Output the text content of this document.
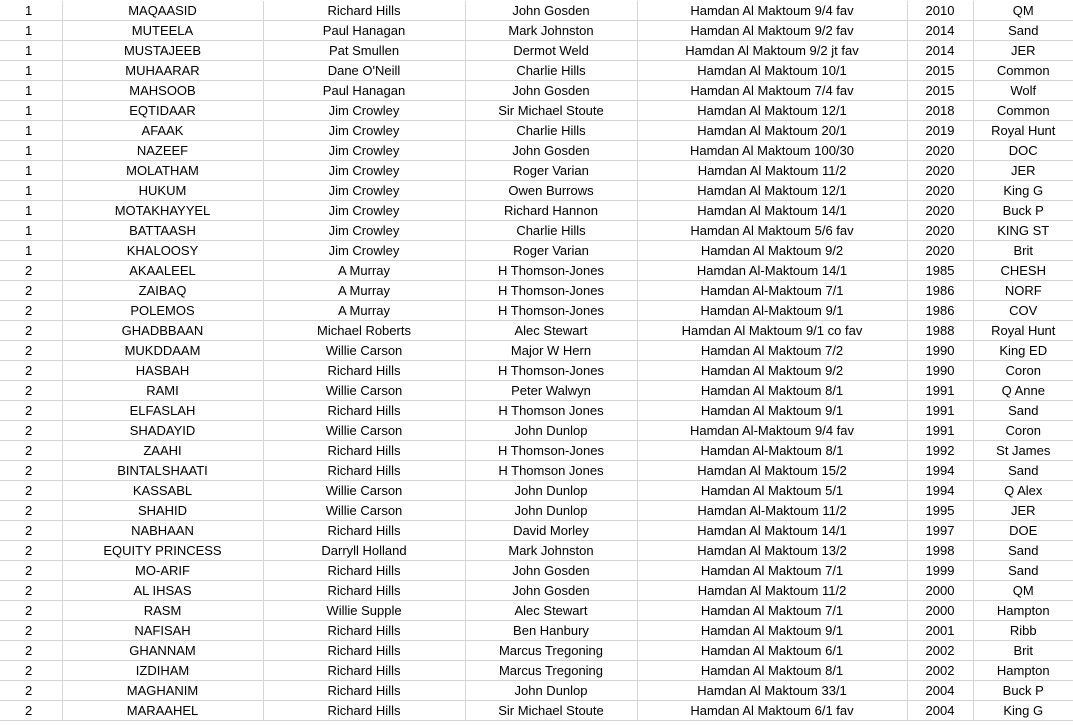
1	MAQAASID	Richard Hills	John Gosden	Hamdan Al Maktoum 9/4 fav	2010	QM
1	MUTEELA	Paul Hanagan	Mark Johnston	Hamdan Al Maktoum 9/2 fav	2014	Sand
1	MUSTAJEEB	Pat Smullen	Dermot Weld	Hamdan Al Maktoum 9/2 jt fav	2014	JER
1	MUHAARAR	Dane O'Neill	Charlie Hills	Hamdan Al Maktoum 10/1	2015	Common
1	MAHSOOB	Paul Hanagan	John Gosden	Hamdan Al Maktoum 7/4 fav	2015	Wolf
1	EQTIDAAR	Jim Crowley	Sir Michael Stoute	Hamdan Al Maktoum 12/1	2018	Common
1	AFAAK	Jim Crowley	Charlie Hills	Hamdan Al Maktoum 20/1	2019	Royal Hunt
1	NAZEEF	Jim Crowley	John Gosden	Hamdan Al Maktoum 100/30	2020	DOC
1	MOLATHAM	Jim Crowley	Roger Varian	Hamdan Al Maktoum 11/2	2020	JER
1	HUKUM	Jim Crowley	Owen Burrows	Hamdan Al Maktoum 12/1	2020	King G
1	MOTAKHAYYEL	Jim Crowley	Richard Hannon	Hamdan Al Maktoum 14/1	2020	Buck P
1	BATTAASH	Jim Crowley	Charlie Hills	Hamdan Al Maktoum 5/6 fav	2020	KING ST
1	KHALOOSY	Jim Crowley	Roger Varian	Hamdan Al Maktoum 9/2	2020	Brit
2	AKAALEEL	A Murray	H Thomson-Jones	Hamdan Al-Maktoum 14/1	1985	CHESH
2	ZAIBAQ	A Murray	H Thomson-Jones	Hamdan Al-Maktoum 7/1	1986	NORF
2	POLEMOS	A Murray	H Thomson-Jones	Hamdan Al-Maktoum 9/1	1986	COV
2	GHADBBAAN	Michael Roberts	Alec Stewart	Hamdan Al Maktoum 9/1 co fav	1988	Royal Hunt
2	MUKDDAAM	Willie Carson	Major W Hern	Hamdan Al Maktoum 7/2	1990	King ED
2	HASBAH	Richard Hills	H Thomson-Jones	Hamdan Al Maktoum 9/2	1990	Coron
2	RAMI	Willie Carson	Peter Walwyn	Hamdan Al Maktoum 8/1	1991	Q Anne
2	ELFASLAH	Richard Hills	H Thomson Jones	Hamdan Al Maktoum 9/1	1991	Sand
2	SHADAYID	Willie Carson	John Dunlop	Hamdan Al-Maktoum 9/4 fav	1991	Coron
2	ZAAHI	Richard Hills	H Thomson-Jones	Hamdan Al-Maktoum 8/1	1992	St James
2	BINTALSHAATI	Richard Hills	H Thomson Jones	Hamdan Al Maktoum 15/2	1994	Sand
2	KASSABL	Willie Carson	John Dunlop	Hamdan Al Maktoum 5/1	1994	Q Alex
2	SHAHID	Willie Carson	John Dunlop	Hamdan Al-Maktoum 11/2	1995	JER
2	NABHAAN	Richard Hills	David Morley	Hamdan Al Maktoum 14/1	1997	DOE
2	EQUITY PRINCESS	Darryll Holland	Mark Johnston	Hamdan Al Maktoum 13/2	1998	Sand
2	MO-ARIF	Richard Hills	John Gosden	Hamdan Al Maktoum 7/1	1999	Sand
2	AL IHSAS	Richard Hills	John Gosden	Hamdan Al Maktoum 11/2	2000	QM
2	RASM	Willie Supple	Alec Stewart	Hamdan Al Maktoum 7/1	2000	Hampton
2	NAFISAH	Richard Hills	Ben Hanbury	Hamdan Al Maktoum 9/1	2001	Ribb
2	GHANNAM	Richard Hills	Marcus Tregoning	Hamdan Al Maktoum 6/1	2002	Brit
2	IZDIHAM	Richard Hills	Marcus Tregoning	Hamdan Al Maktoum 8/1	2002	Hampton
2	MAGHANIM	Richard Hills	John Dunlop	Hamdan Al Maktoum 33/1	2004	Buck P
2	MARAAHEL	Richard Hills	Sir Michael Stoute	Hamdan Al Maktoum 6/1 fav	2004	King G
